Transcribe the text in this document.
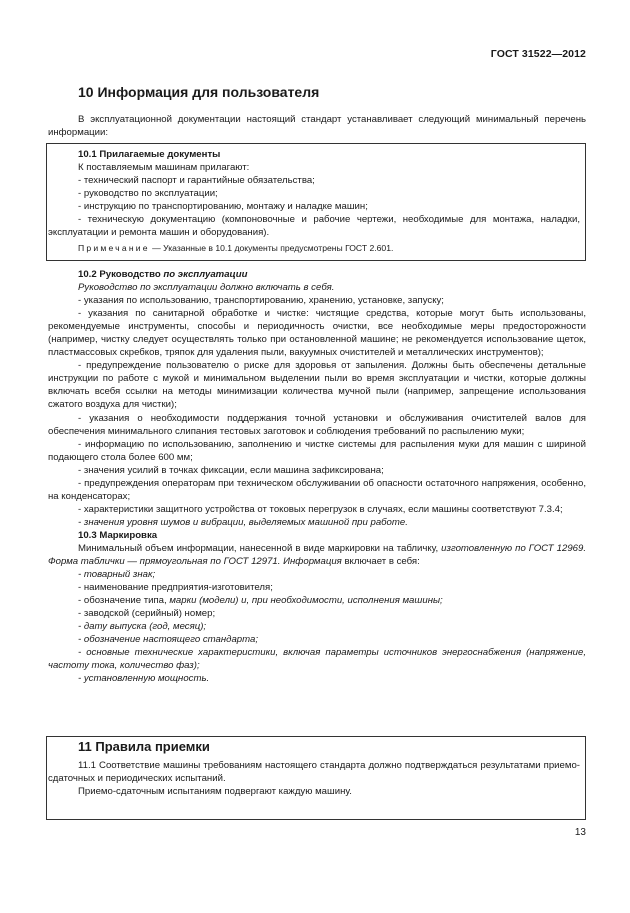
ГОСТ 31522—2012
10 Информация для пользователя

В эксплуатационной документации настоящий стандарт устанавливает следующий минимальный перечень информации:

10.1 Прилагаемые документы

К поставляемым машинам прилагают:

- технический паспорт и гарантийные обязательства;

- руководство по эксплуатации;

- инструкцию по транспортированию, монтажу и наладке машин;

- техническую документацию (компоновочные и рабочие чертежи, необходимые для монтажа, наладки, эксплуатации и ремонта машин и оборудования).

Примечание — Указанные в 10.1 документы предусмотрены ГОСТ 2.601.

10.2 Руководство по эксплуатации

Руководство по эксплуатации должно включать в себя.

- указания по использованию, транспортированию, хранению, установке, запуску;

- указания по санитарной обработке и чистке: чистящие средства, которые могут быть использованы, рекомендуемые инструменты, способы и периодичность очистки, все необходимые меры предосторожности (например, чистку следует осуществлять только при остановленной машине; не рекомендуется использование щеток, пластмассовых скребков, тряпок для удаления пыли, вакуумных очистителей и металлических инструментов);

- предупреждение пользователю о риске для здоровья от запыления. Должны быть обеспечены детальные инструкции по работе с мукой и минимальном выделении пыли во время эксплуатации и чистки, которые должны включать всебя ссылки на методы минимизации количества мучной пыли (например, запрещение использования сжатого воздуха для чистки);

- указания о необходимости поддержания точной установки и обслуживания очистителей валов для обеспечения минимального слипания тестовых заготовок и соблюдения требований по распылению муки;

- информацию по использованию, заполнению и чистке системы для распыления муки для машин с шириной подающего стола более 600 мм;

- значения усилий в точках фиксации, если машина зафиксирована;

- предупреждения операторам при техническом обслуживании об опасности остаточного напряжения, особенно, на конденсаторах;

- характеристики защитного устройства от токовых перегрузок в случаях, если машины соответствуют 7.3.4;

- значения уровня шумов и вибрации, выделяемых машиной при работе.

10.3 Маркировка

Минимальный объем информации, нанесенной в виде маркировки на табличку, изготовленную по ГОСТ 12969. Форма таблички — прямоугольная по ГОСТ 12971. Информация включает в себя:

- товарный знак;

- наименование предприятия-изготовителя;

- обозначение типа, марки (модели) и, при необходимости, исполнения машины;

- заводской (серийный) номер;

- дату выпуска (год, месяц);

- обозначение настоящего стандарта;

- основные технические характеристики, включая параметры источников энергоснабжения (напряжение, частоту тока, количество фаз);

- установленную мощность.

11 Правила приемки

11.1 Соответствие машины требованиям настоящего стандарта должно подтверждаться результатами приемо-сдаточных и периодических испытаний.

Приемо-сдаточным испытаниям подвергают каждую машину.

13
